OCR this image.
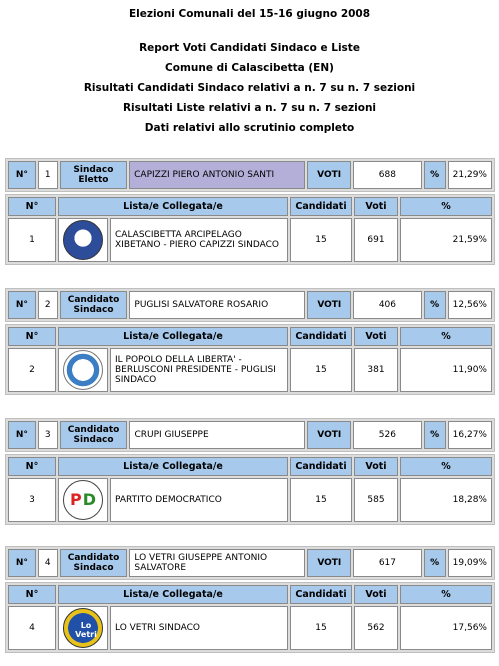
Elezioni Comunali del 15-16 giugno 2008
Report Voti Candidati Sindaco e Liste
Comune di Calascibetta (EN)
Risultati Candidati Sindaco relativi a n. 7 su n. 7 sezioni
Risultati Liste relativi a n. 7 su n. 7 sezioni
Dati relativi allo scrutinio completo
N°	1	Sindaco Eletto	CAPIZZI PIERO ANTONIO SANTI	VOTI	688	%	21,29%
N°	Lista/e Collegata/e		Candidati	Voti	%
1		CALASCIBETTA ARCIPELAGO XIBETANO - PIERO CAPIZZI SINDACO	15	691	21,59%
N°	2	Candidato Sindaco	PUGLISI SALVATORE ROSARIO	VOTI	406	%	12,56%
N°	Lista/e Collegata/e		Candidati	Voti	%
2		IL POPOLO DELLA LIBERTA' - BERLUSCONI PRESIDENTE - PUGLISI SINDACO	15	381	11,90%
N°	3	Candidato Sindaco	CRUPI GIUSEPPE	VOTI	526	%	16,27%
N°	Lista/e Collegata/e		Candidati	Voti	%
3	P D	PARTITO DEMOCRATICO	15	585	18,28%
N°	4	Candidato Sindaco	LO VETRI GIUSEPPE ANTONIO SALVATORE	VOTI	617	%	19,09%
N°	Lista/e Collegata/e		Candidati	Voti	%
4	Lo Vetri	LO VETRI SINDACO	15	562	17,56%
